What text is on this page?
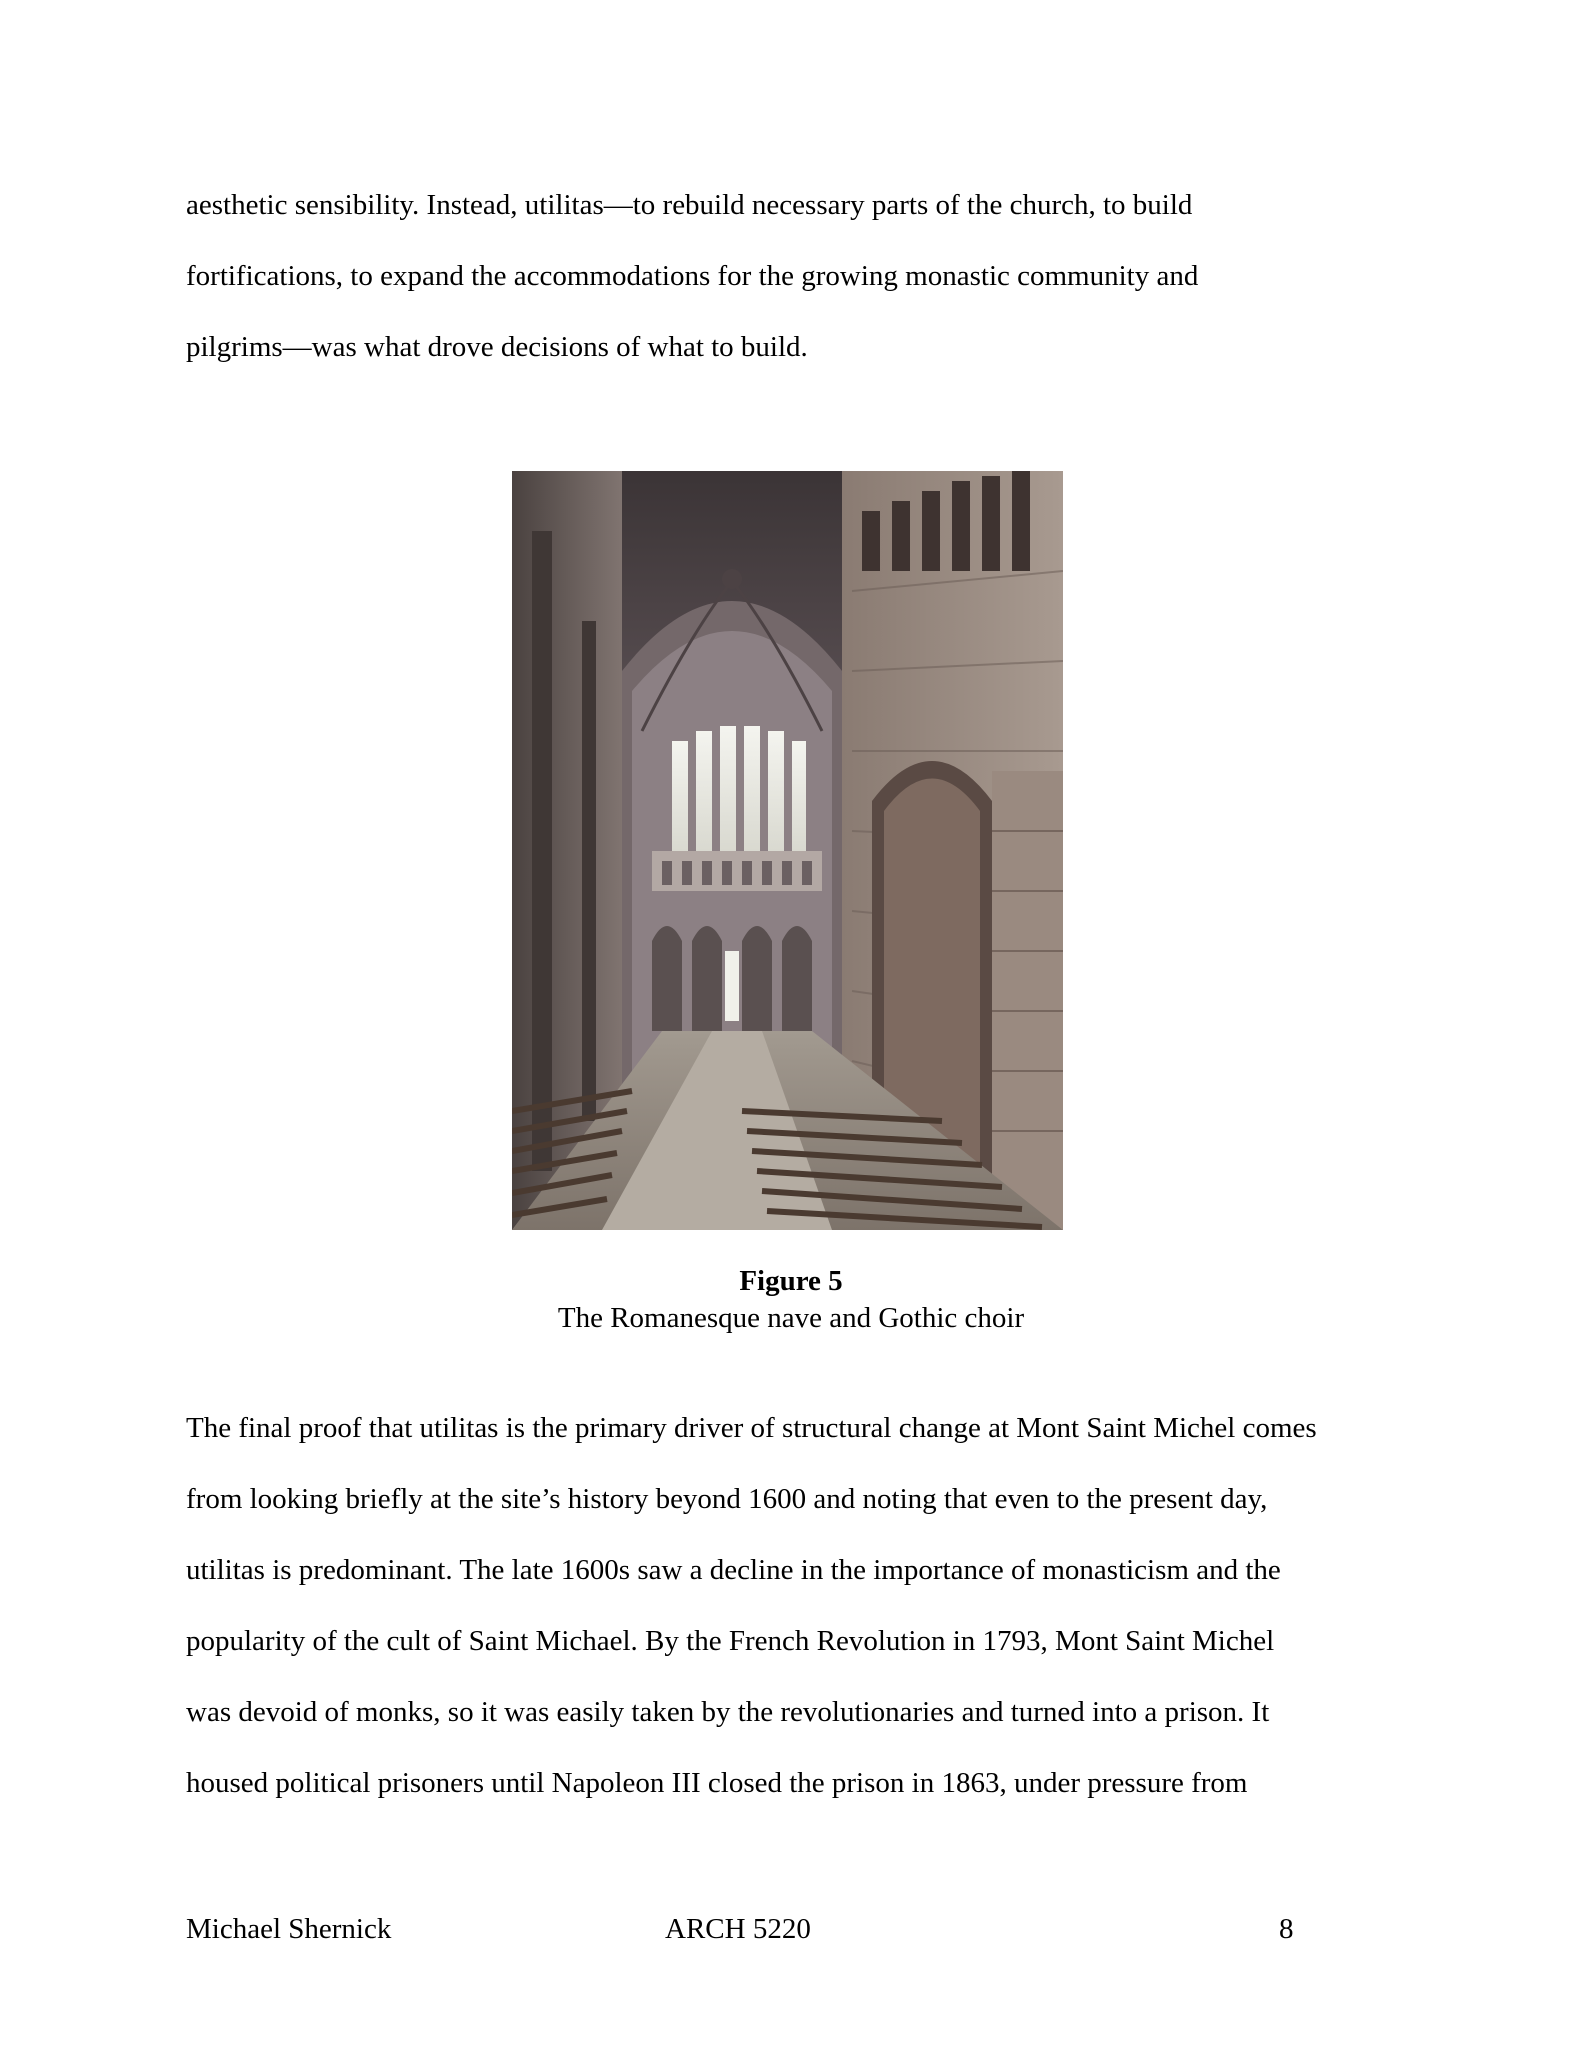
aesthetic sensibility. Instead, utilitas—to rebuild necessary parts of the church, to build
fortifications, to expand the accommodations for the growing monastic community and
pilgrims—was what drove decisions of what to build.
Figure 5
The Romanesque nave and Gothic choir
The final proof that utilitas is the primary driver of structural change at Mont Saint Michel comes
from looking briefly at the site’s history beyond 1600 and noting that even to the present day,
utilitas is predominant. The late 1600s saw a decline in the importance of monasticism and the
popularity of the cult of Saint Michael. By the French Revolution in 1793, Mont Saint Michel
was devoid of monks, so it was easily taken by the revolutionaries and turned into a prison. It
housed political prisoners until Napoleon III closed the prison in 1863, under pressure from
Michael Shernick	ARCH 5220	8
